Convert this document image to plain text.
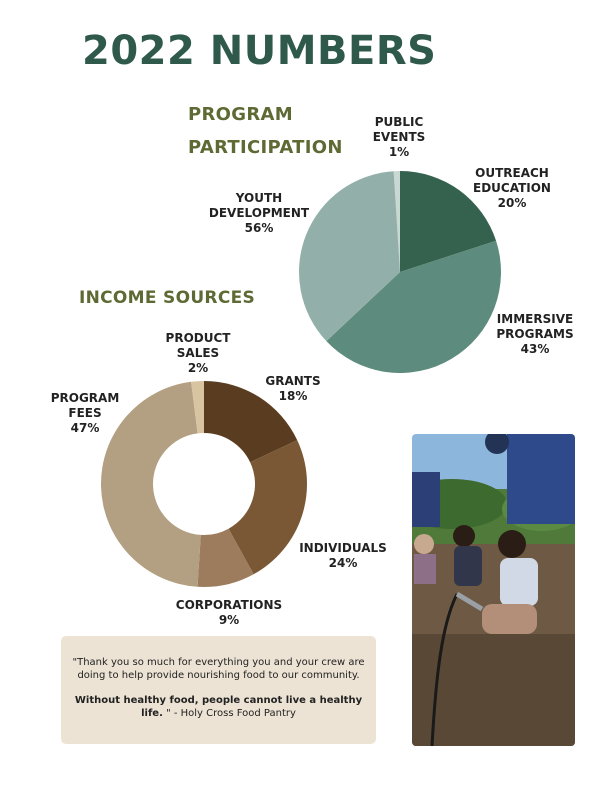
2022 NUMBERS
PROGRAM PARTICIPATION
INCOME SOURCES
PUBLIC
EVENTS
1%
OUTREACH
EDUCATION
20%
IMMERSIVE
PROGRAMS
43%
YOUTH
DEVELOPMENT
56%
PRODUCT
SALES
2%
GRANTS
18%
INDIVIDUALS
24%
CORPORATIONS
9%
PROGRAM
FEES
47%

"Thank you so much for everything you and your crew are doing to help provide nourishing food to our community.

Without healthy food, people cannot live a healthy life. " - Holy Cross Food Pantry
